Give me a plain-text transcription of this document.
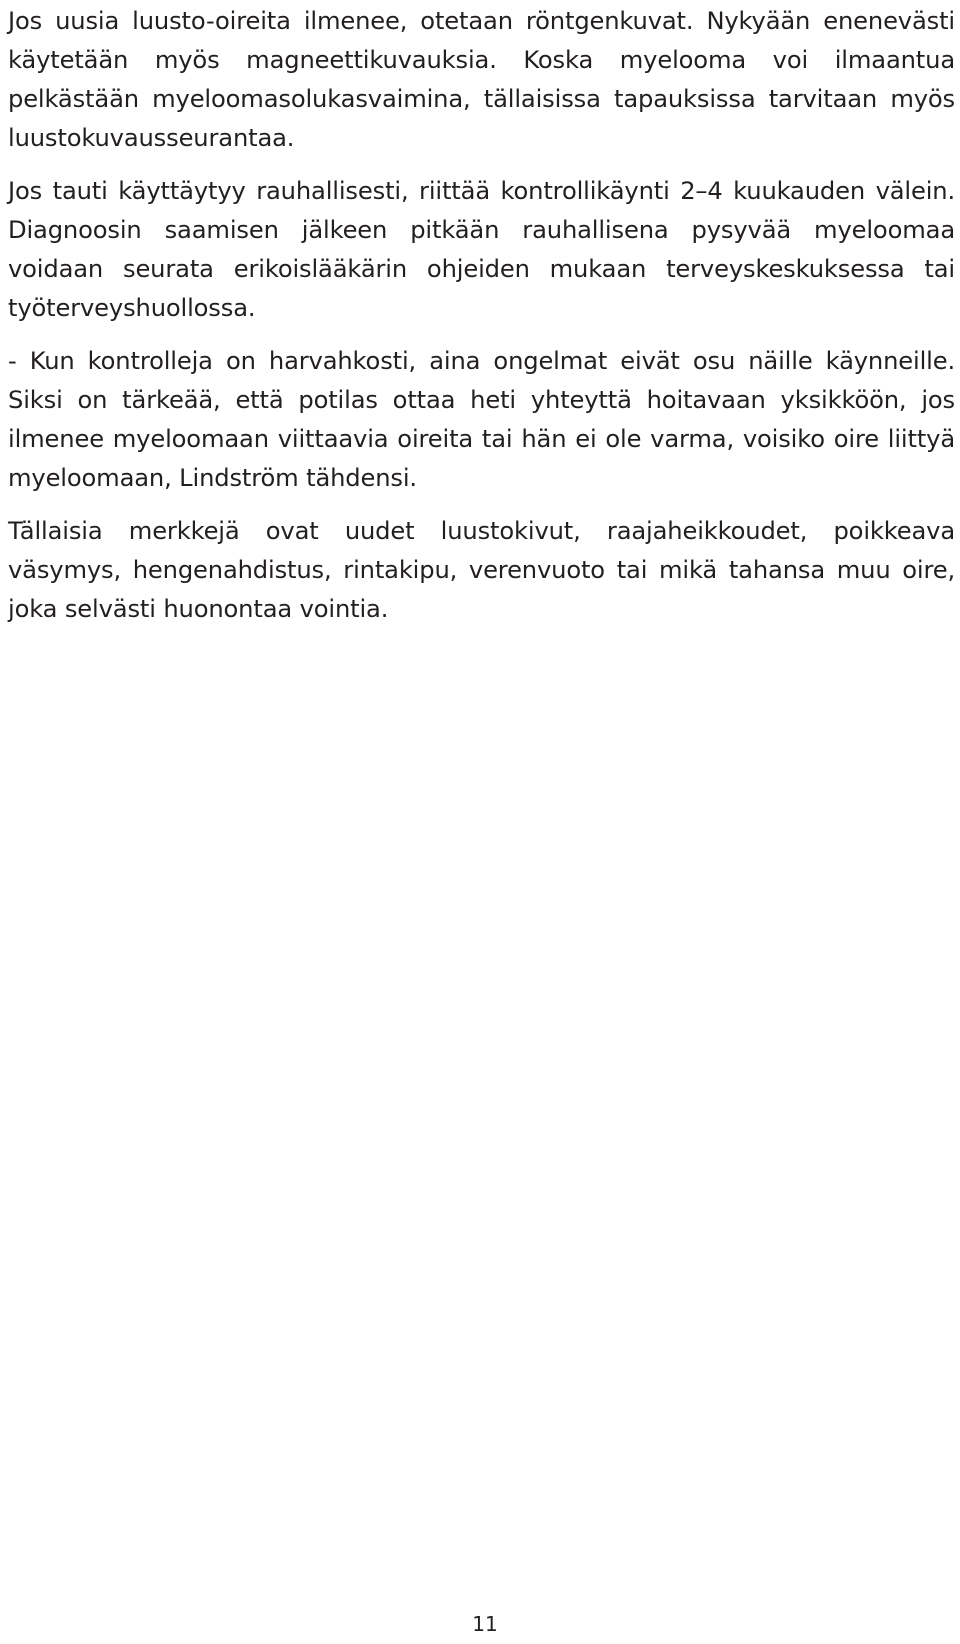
Jos uusia luusto-oireita ilmenee, otetaan röntgenkuvat. Nykyään enenevästi käytetään myös magneettikuvauksia. Koska myelooma voi ilmaantua pelkästään myeloomasolukasvaimina, tällaisissa tapauksissa tarvitaan myös luustokuvausseurantaa.

Jos tauti käyttäytyy rauhallisesti, riittää kontrollikäynti 2–4 kuukauden välein. Diagnoosin saamisen jälkeen pitkään rauhallisena pysyvää myeloomaa voidaan seurata erikoislääkärin ohjeiden mukaan terveyskeskuksessa tai työterveyshuollossa.

- Kun kontrolleja on harvahkosti, aina ongelmat eivät osu näille käynneille. Siksi on tärkeää, että potilas ottaa heti yhteyttä hoitavaan yksikköön, jos ilmenee myeloomaan viittaavia oireita tai hän ei ole varma, voisiko oire liittyä myeloomaan, Lindström tähdensi.

Tällaisia merkkejä ovat uudet luustokivut, raajaheikkoudet, poikkeava väsymys, hengenahdistus, rintakipu, verenvuoto tai mikä tahansa muu oire, joka selvästi huonontaa vointia.

11
